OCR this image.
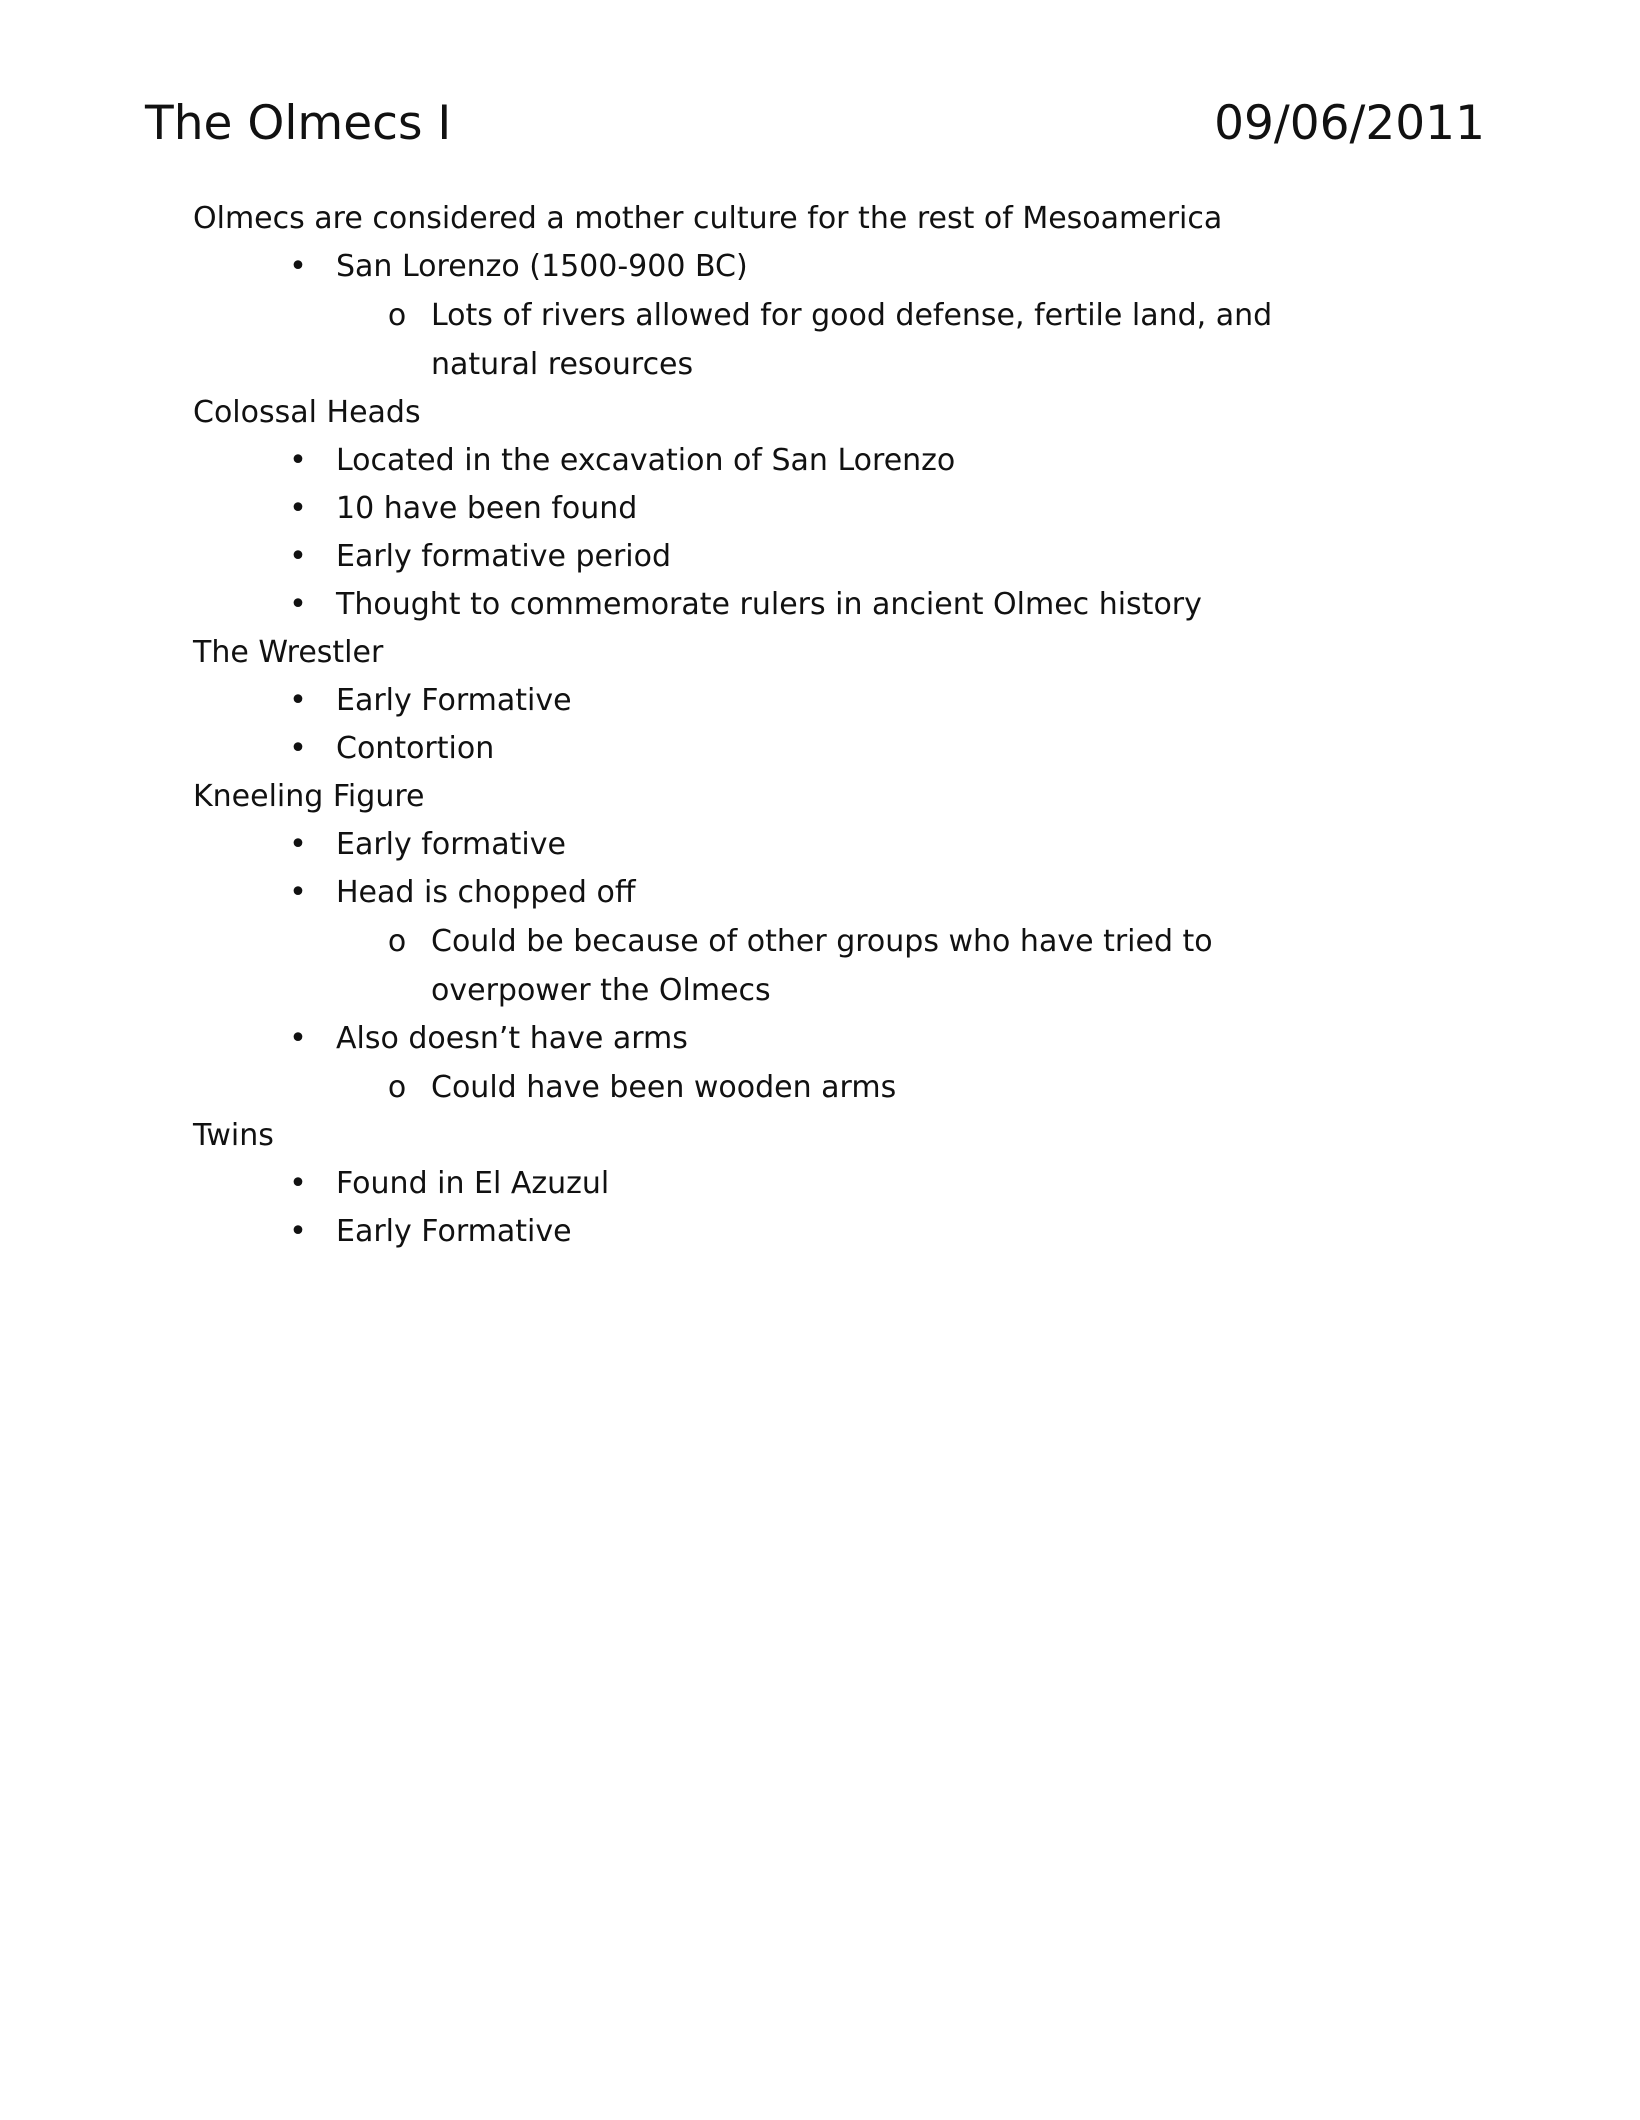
The Olmecs I	09/06/2011
Olmecs are considered a mother culture for the rest of Mesoamerica
• San Lorenzo (1500-900 BC)
o Lots of rivers allowed for good defense, fertile land, and natural resources
Colossal Heads
• Located in the excavation of San Lorenzo
• 10 have been found
• Early formative period
• Thought to commemorate rulers in ancient Olmec history
The Wrestler
• Early Formative
• Contortion
Kneeling Figure
• Early formative
• Head is chopped off
o Could be because of other groups who have tried to overpower the Olmecs
• Also doesn’t have arms
o Could have been wooden arms
Twins
• Found in El Azuzul
• Early Formative
